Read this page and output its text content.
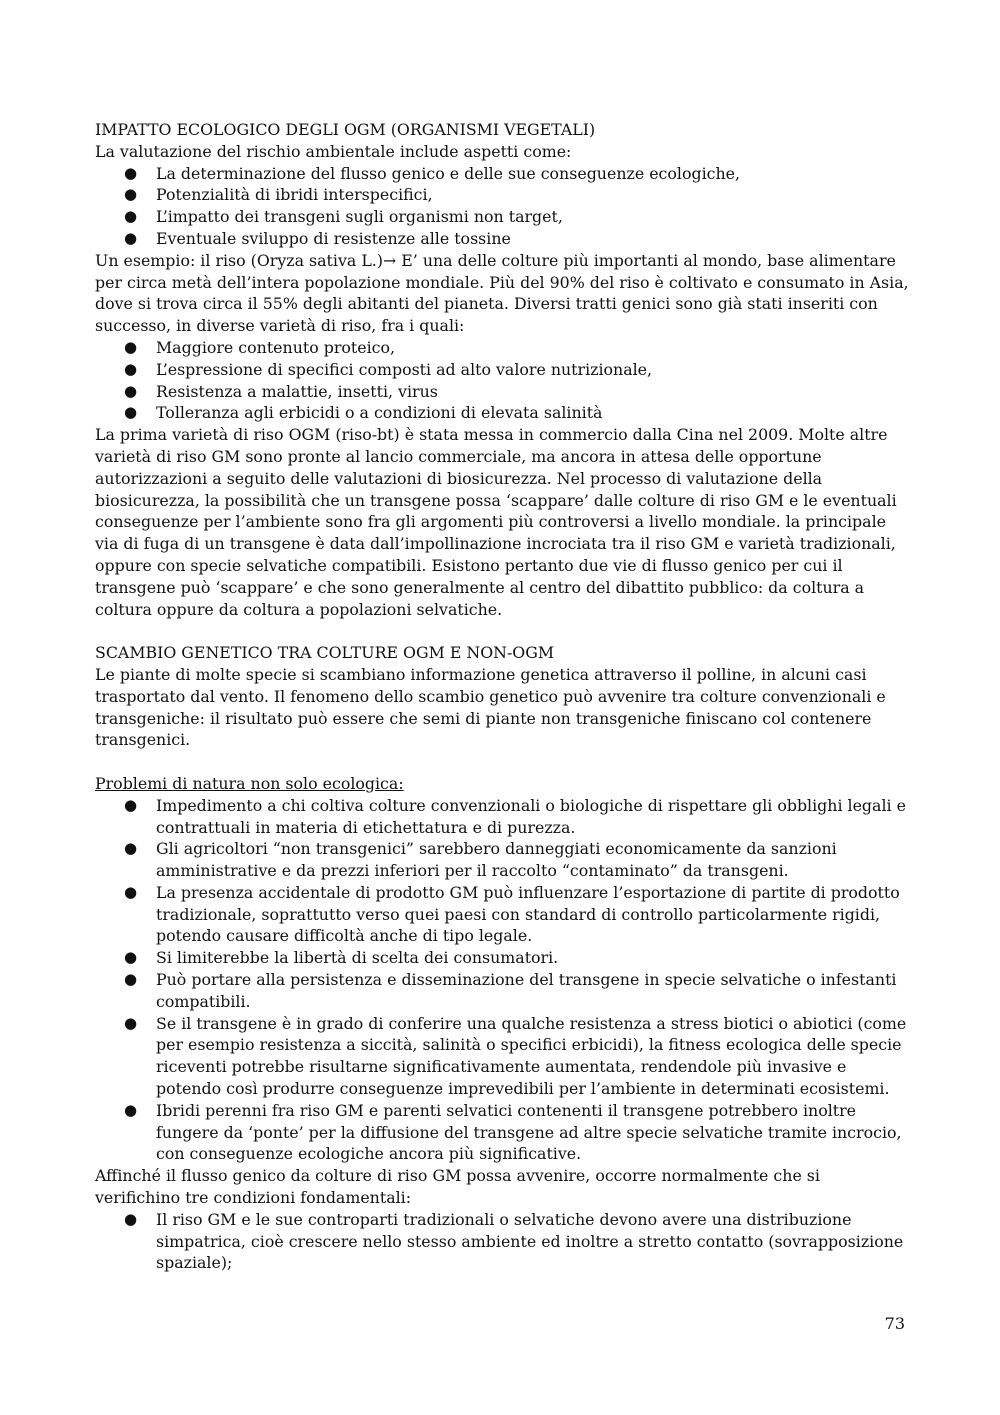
IMPATTO ECOLOGICO DEGLI OGM (ORGANISMI VEGETALI)

La valutazione del rischio ambientale include aspetti come:

● La determinazione del flusso genico e delle sue conseguenze ecologiche,
● Potenzialità di ibridi interspecifici,
● L’impatto dei transgeni sugli organismi non target,
● Eventuale sviluppo di resistenze alle tossine

Un esempio: il riso (Oryza sativa L.)→ E’ una delle colture più importanti al mondo, base alimentare per circa metà dell’intera popolazione mondiale. Più del 90% del riso è coltivato e consumato in Asia, dove si trova circa il 55% degli abitanti del pianeta. Diversi tratti genici sono già stati inseriti con successo, in diverse varietà di riso, fra i quali:

● Maggiore contenuto proteico,
● L’espressione di specifici composti ad alto valore nutrizionale,
● Resistenza a malattie, insetti, virus
● Tolleranza agli erbicidi o a condizioni di elevata salinità

La prima varietà di riso OGM (riso-bt) è stata messa in commercio dalla Cina nel 2009. Molte altre varietà di riso GM sono pronte al lancio commerciale, ma ancora in attesa delle opportune autorizzazioni a seguito delle valutazioni di biosicurezza. Nel processo di valutazione della biosicurezza, la possibilità che un transgene possa ‘scappare’ dalle colture di riso GM e le eventuali conseguenze per l’ambiente sono fra gli argomenti più controversi a livello mondiale. la principale via di fuga di un transgene è data dall’impollinazione incrociata tra il riso GM e varietà tradizionali, oppure con specie selvatiche compatibili. Esistono pertanto due vie di flusso genico per cui il transgene può ‘scappare’ e che sono generalmente al centro del dibattito pubblico: da coltura a coltura oppure da coltura a popolazioni selvatiche.

SCAMBIO GENETICO TRA COLTURE OGM E NON-OGM

Le piante di molte specie si scambiano informazione genetica attraverso il polline, in alcuni casi trasportato dal vento. Il fenomeno dello scambio genetico può avvenire tra colture convenzionali e transgeniche: il risultato può essere che semi di piante non transgeniche finiscano col contenere transgenici.

Problemi di natura non solo ecologica:

● Impedimento a chi coltiva colture convenzionali o biologiche di rispettare gli obblighi legali e contrattuali in materia di etichettatura e di purezza.
● Gli agricoltori “non transgenici” sarebbero danneggiati economicamente da sanzioni amministrative e da prezzi inferiori per il raccolto “contaminato” da transgeni.
● La presenza accidentale di prodotto GM può influenzare l’esportazione di partite di prodotto tradizionale, soprattutto verso quei paesi con standard di controllo particolarmente rigidi, potendo causare difficoltà anche di tipo legale.
● Si limiterebbe la libertà di scelta dei consumatori.
● Può portare alla persistenza e disseminazione del transgene in specie selvatiche o infestanti compatibili.
● Se il transgene è in grado di conferire una qualche resistenza a stress biotici o abiotici (come per esempio resistenza a siccità, salinità o specifici erbicidi), la fitness ecologica delle specie riceventi potrebbe risultarne significativamente aumentata, rendendole più invasive e potendo così produrre conseguenze imprevedibili per l’ambiente in determinati ecosistemi.
● Ibridi perenni fra riso GM e parenti selvatici contenenti il transgene potrebbero inoltre fungere da ‘ponte’ per la diffusione del transgene ad altre specie selvatiche tramite incrocio, con conseguenze ecologiche ancora più significative.

Affinché il flusso genico da colture di riso GM possa avvenire, occorre normalmente che si verifichino tre condizioni fondamentali:

● Il riso GM e le sue controparti tradizionali o selvatiche devono avere una distribuzione simpatrica, cioè crescere nello stesso ambiente ed inoltre a stretto contatto (sovrapposizione spaziale);
73
